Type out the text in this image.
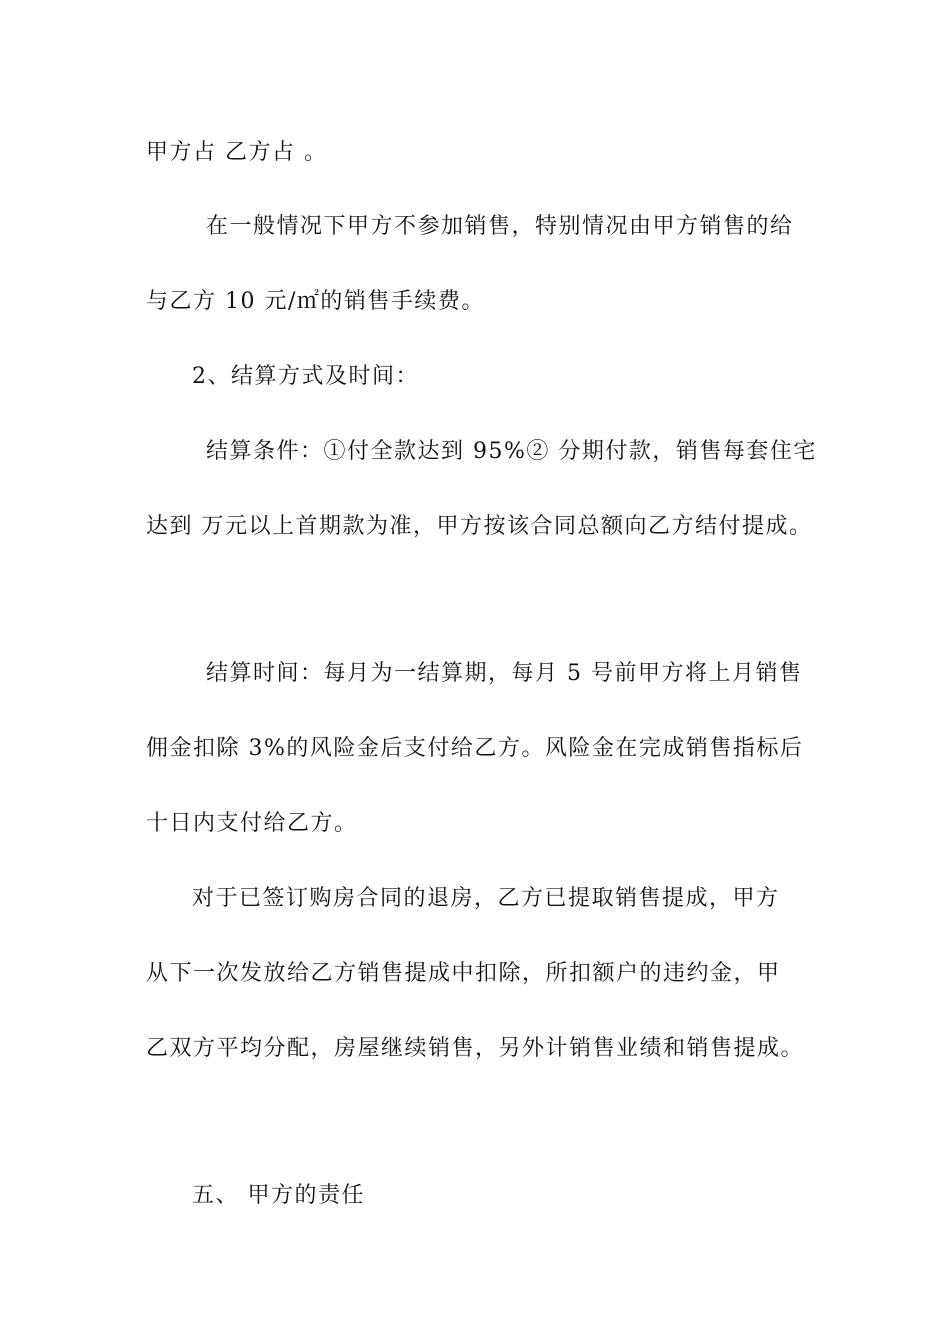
甲方占 乙方占 。
在一般情况下甲方不参加销售，特别情况由甲方销售的给
与乙方 10 元/㎡的销售手续费。
2、结算方式及时间：
结算条件：①付全款达到 95%② 分期付款，销售每套住宅
达到 万元以上首期款为准，甲方按该合同总额向乙方结付提成。
结算时间：每月为一结算期，每月 5 号前甲方将上月销售
佣金扣除 3%的风险金后支付给乙方。风险金在完成销售指标后
十日内支付给乙方。
对于已签订购房合同的退房，乙方已提取销售提成，甲方
从下一次发放给乙方销售提成中扣除，所扣额户的违约金，甲
乙双方平均分配，房屋继续销售，另外计销售业绩和销售提成。
五、 甲方的责任
